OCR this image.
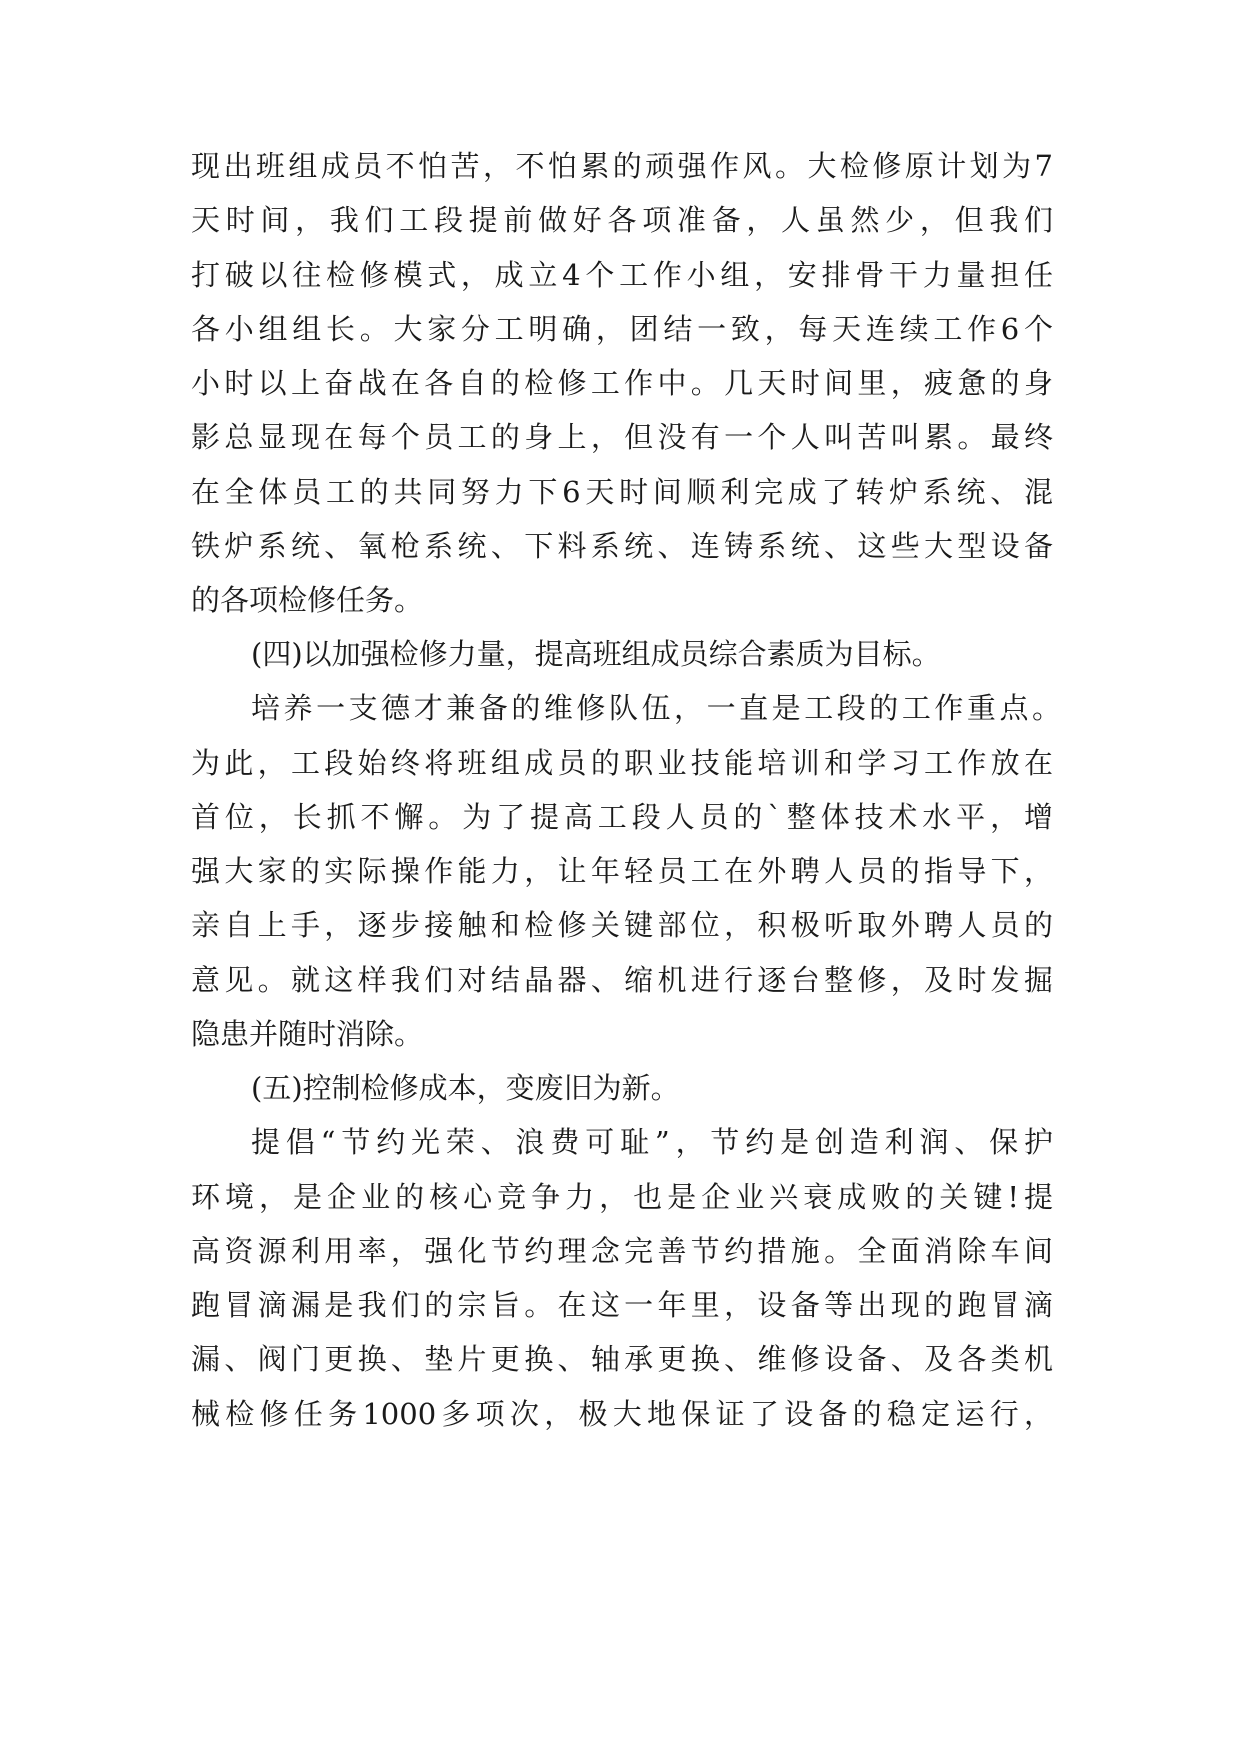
现出班组成员不怕苦，不怕累的顽强作风。大检修原计划为7
天时间，我们工段提前做好各项准备，人虽然少，但我们
打破以往检修模式，成立4个工作小组，安排骨干力量担任
各小组组长。大家分工明确，团结一致，每天连续工作6个
小时以上奋战在各自的检修工作中。几天时间里，疲惫的身
影总显现在每个员工的身上，但没有一个人叫苦叫累。最终
在全体员工的共同努力下6天时间顺利完成了转炉系统、混
铁炉系统、氧枪系统、下料系统、连铸系统、这些大型设备
的各项检修任务。
(四)以加强检修力量，提高班组成员综合素质为目标。
培养一支德才兼备的维修队伍，一直是工段的工作重点。
为此，工段始终将班组成员的职业技能培训和学习工作放在
首位，长抓不懈。为了提高工段人员的`整体技术水平，增
强大家的实际操作能力，让年轻员工在外聘人员的指导下，
亲自上手，逐步接触和检修关键部位，积极听取外聘人员的
意见。就这样我们对结晶器、缩机进行逐台整修，及时发掘
隐患并随时消除。
(五)控制检修成本，变废旧为新。
提倡“节约光荣、浪费可耻”，节约是创造利润、保护
环境，是企业的核心竞争力，也是企业兴衰成败的关键!提
高资源利用率，强化节约理念完善节约措施。全面消除车间
跑冒滴漏是我们的宗旨。在这一年里，设备等出现的跑冒滴
漏、阀门更换、垫片更换、轴承更换、维修设备、及各类机
械检修任务1000多项次，极大地保证了设备的稳定运行，
